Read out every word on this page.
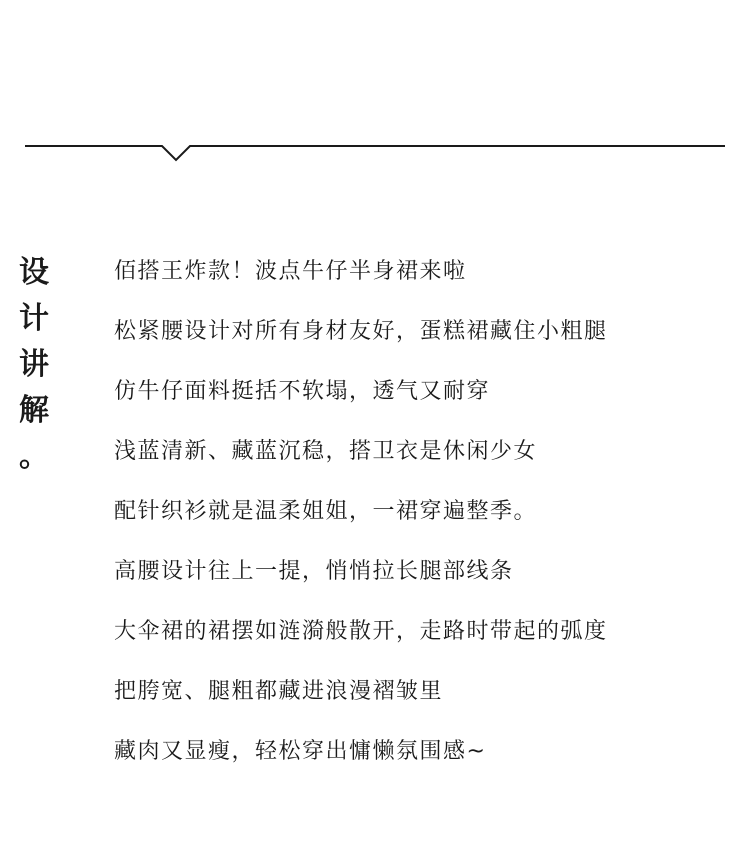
设
计
讲
解
。
佰搭王炸款！波点牛仔半身裙来啦
松紧腰设计对所有身材友好，蛋糕裙藏住小粗腿
仿牛仔面料挺括不软塌，透气又耐穿
浅蓝清新、藏蓝沉稳，搭卫衣是休闲少女
配针织衫就是温柔姐姐，一裙穿遍整季。
高腰设计往上一提，悄悄拉长腿部线条
大伞裙的裙摆如涟漪般散开，走路时带起的弧度
把胯宽、腿粗都藏进浪漫褶皱里
藏肉又显瘦，轻松穿出慵懒氛围感~
